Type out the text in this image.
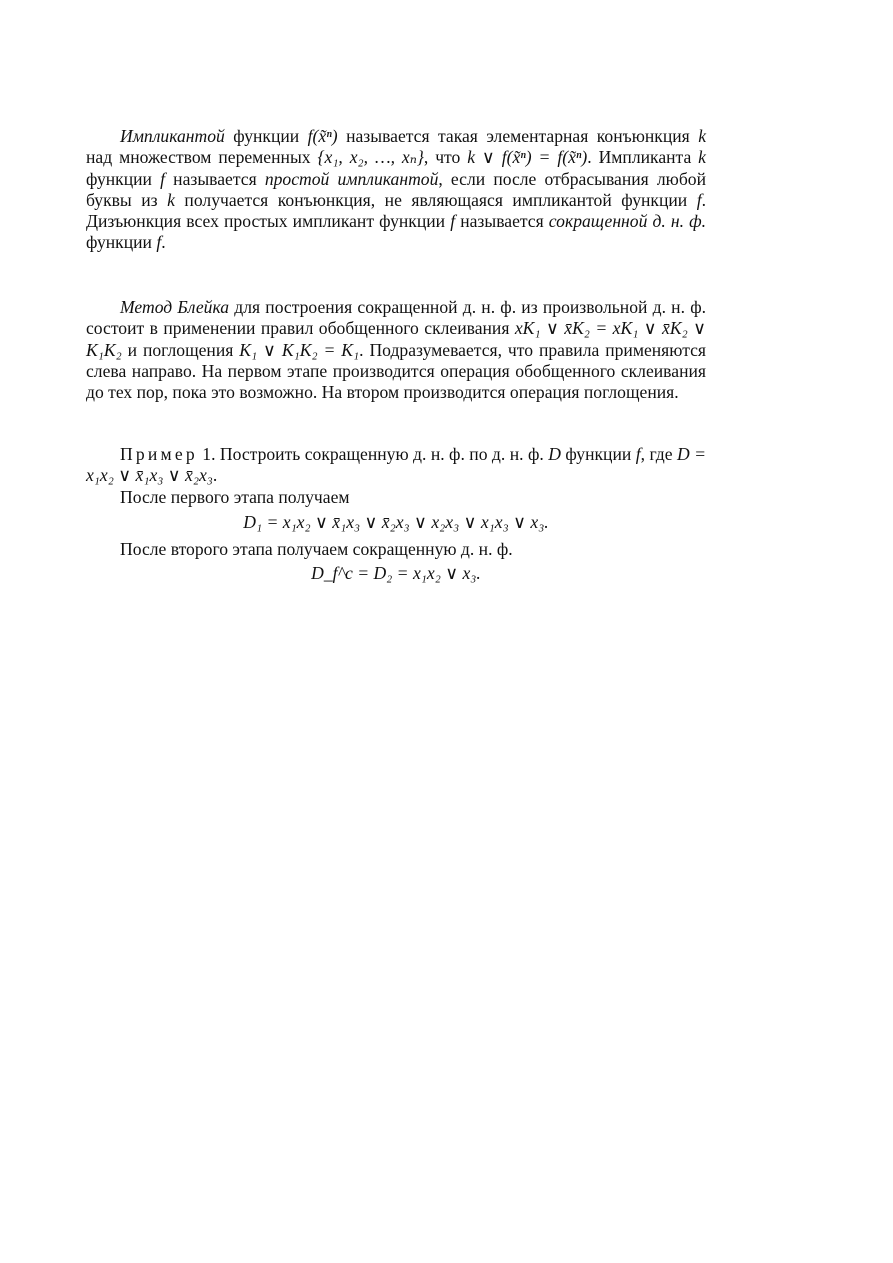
Импликантой функции f(x̃ⁿ) называется такая элементарная конъюнкция k над множеством переменных {x₁, x₂, …, xₙ}, что k ∨ f(x̃ⁿ) = f(x̃ⁿ). Импликанта k функции f называется простой импликантой, если после отбрасывания любой буквы из k получается конъюнкция, не являющаяся импликантой функции f. Дизъюнкция всех простых импликант функции f называется сокращенной д. н. ф. функции f.

Метод Блейка для построения сокращенной д. н. ф. из произвольной д. н. ф. состоит в применении правил обобщенного склеивания xK₁ ∨ x̄K₂ = xK₁ ∨ x̄K₂ ∨ K₁K₂ и поглощения K₁ ∨ K₁K₂ = K₁. Подразумевается, что правила применяются слева направо. На первом этапе производится операция обобщенного склеивания до тех пор, пока это возможно. На втором производится операция поглощения.

Пример 1. Построить сокращенную д. н. ф. по д. н. ф. D функции f, где D = x₁x₂ ∨ x̄₁x₃ ∨ x̄₂x₃.

После первого этапа получаем

D₁ = x₁x₂ ∨ x̄₁x₃ ∨ x̄₂x₃ ∨ x₂x₃ ∨ x₁x₃ ∨ x₃.

После второго этапа получаем сокращенную д. н. ф.

D_f^c = D₂ = x₁x₂ ∨ x₃.
